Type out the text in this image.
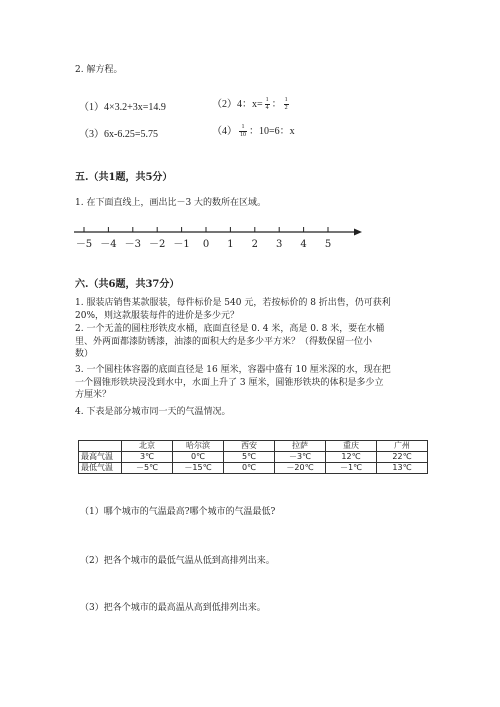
2. 解方程。
（1）4×3.2+3x=14.9	（2）4：$x= \frac{1}{4}$ ： $\frac{1}{2}$
（3）6x-6.25=5.75	$(4) \frac{1}{10}$ ：10=6：x
五.（共1题，共5分）
1. 在下面直线上，画出比－3 大的数所在区域。
－5 －4 －3 －2 －1 0 1 2 3 4 5
六.（共6题，共37分）
1. 服装店销售某款服装，每件标价是 540 元，若按标价的 8 折出售，仍可获利
20%，则这款服装每件的进价是多少元？
2. 一个无盖的圆柱形铁皮水桶，底面直径是 0. 4 米，高是 0. 8 米，要在水桶
里、外两面都漆防锈漆，油漆的面积大约是多少平方米？（得数保留一位小
数）
3. 一个圆柱体容器的底面直径是 16 厘米，容器中盛有 10 厘米深的水，现在把
一个圆锥形铁块浸没到水中，水面上升了 3 厘米，圆锥形铁块的体积是多少立
方厘米？
4. 下表是部分城市同一天的气温情况。
	北京	哈尔滨	西安	拉萨	重庆	广州
最高气温	3℃	0℃	5℃	－3℃	12℃	22℃
最低气温	－5℃	－15℃	0℃	－20℃	－1℃	13℃
（1）哪个城市的气温最高?哪个城市的气温最低?
（2）把各个城市的最低气温从低到高排列出来。
（3）把各个城市的最高温从高到低排列出来。
